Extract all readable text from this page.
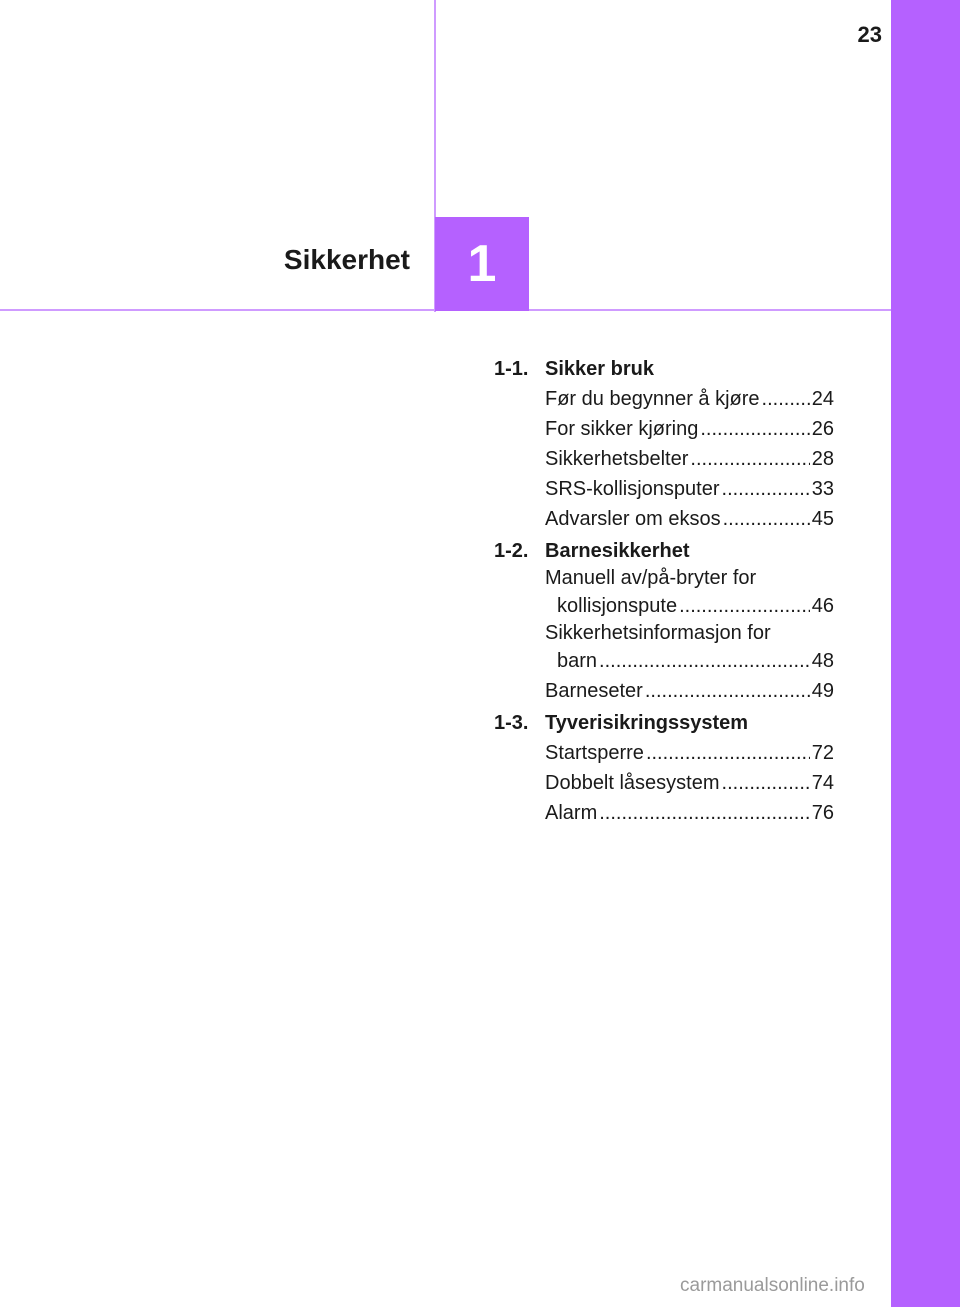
23
Sikkerhet 1
1-1. Sikker bruk
Før du begynner å kjøre .....	24
For sikker kjøring .....	26
Sikkerhetsbelter .....	28
SRS-kollisjonsputer .....	33
Advarsler om eksos .....	45
1-2. Barnesikkerhet
Manuell av/på-bryter for
kollisjonspute .....	46
Sikkerhetsinformasjon for
barn .....	48
Barneseter .....	49
1-3. Tyverisikringssystem
Startsperre .....	72
Dobbelt låsesystem .....	74
Alarm .....	76
carmanualsonline.info
